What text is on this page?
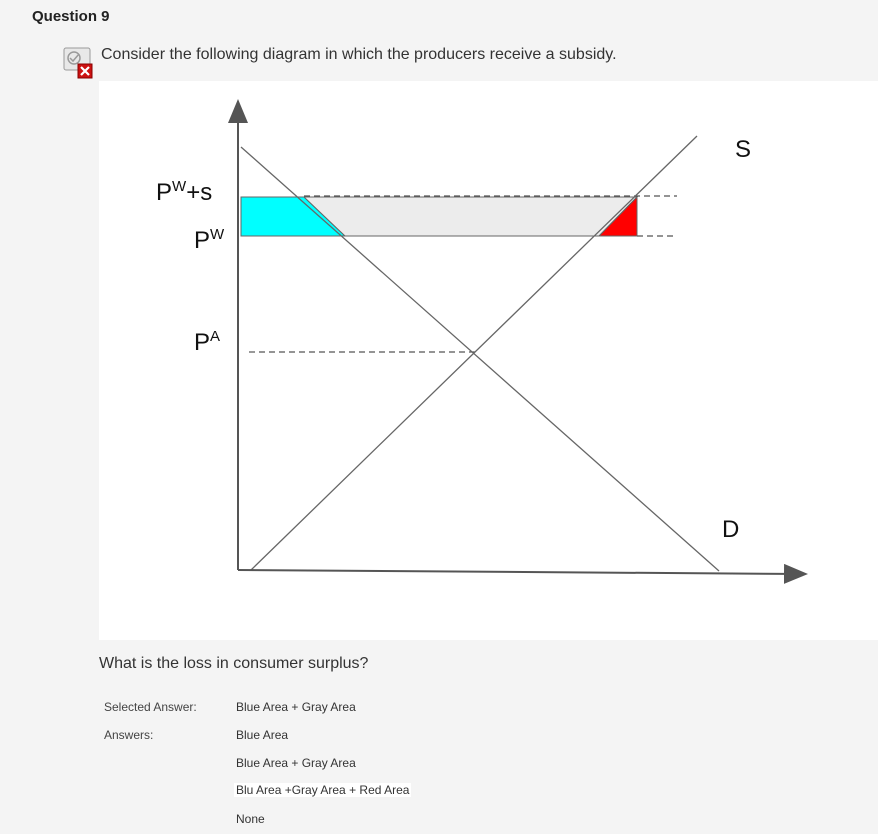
Question 9
Consider the following diagram in which the producers receive a subsidy.
$P^W+s$
$P^W$
$P^A$
S
D
What is the loss in consumer surplus?
Selected Answer:	Blue Area + Gray Area
Answers:	Blue Area
Blue Area + Gray Area
Blu Area +Gray Area + Red Area
None
